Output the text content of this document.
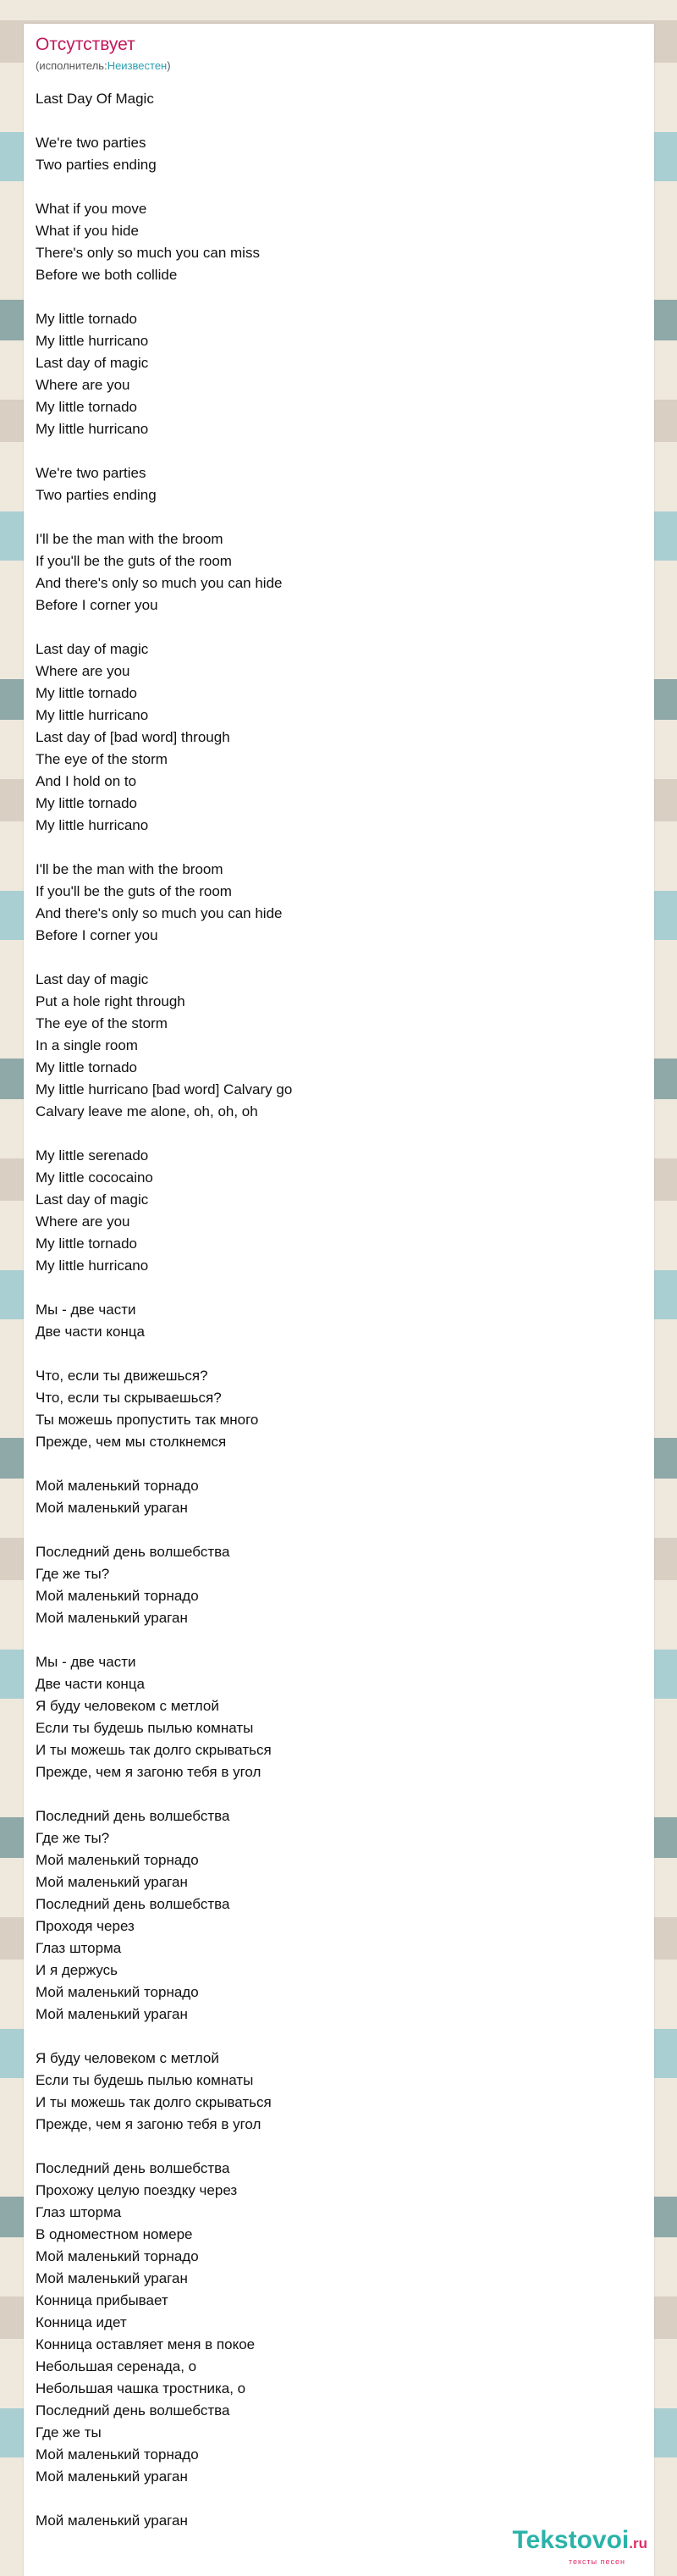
Отсутствует
(исполнитель:Неизвестен)
Last Day Of Magic
We're two parties
Two parties ending
What if you move
What if you hide
There's only so much you can miss
Before we both collide
My little tornado
My little hurricano
Last day of magic
Where are you
My little tornado
My little hurricano
We're two parties
Two parties ending
I'll be the man with the broom
If you'll be the guts of the room
And there's only so much you can hide
Before I corner you
Last day of magic
Where are you
My little tornado
My little hurricano
Last day of [bad word] through
The eye of the storm
And I hold on to
My little tornado
My little hurricano
I'll be the man with the broom
If you'll be the guts of the room
And there's only so much you can hide
Before I corner you
Last day of magic
Put a hole right through
The eye of the storm
In a single room
My little tornado
My little hurricano [bad word] Calvary go
Calvary leave me alone, oh, oh, oh
My little serenado
My little cococaino
Last day of magic
Where are you
My little tornado
My little hurricano
Мы - две части
Две части конца
Что, если ты движешься?
Что, если ты скрываешься?
Ты можешь пропустить так много
Прежде, чем мы столкнемся
Мой маленький торнадо
Мой маленький ураган
Последний день волшебства
Где же ты?
Мой маленький торнадо
Мой маленький ураган
Мы - две части
Две части конца
Я буду человеком с метлой
Если ты будешь пылью комнаты
И ты можешь так долго скрываться
Прежде, чем я загоню тебя в угол
Последний день волшебства
Где же ты?
Мой маленький торнадо
Мой маленький ураган
Последний день волшебства
Проходя через
Глаз шторма
И я держусь
Мой маленький торнадо
Мой маленький ураган
Я буду человеком с метлой
Если ты будешь пылью комнаты
И ты можешь так долго скрываться
Прежде, чем я загоню тебя в угол
Последний день волшебства
Прохожу целую поездку через
Глаз шторма
В одноместном номере
Мой маленький торнадо
Мой маленький ураган
Конница прибывает
Конница идет
Конница оставляет меня в покое
Небольшая серенада, о
Небольшая чашка тростника, о
Последний день волшебства
Где же ты
Мой маленький торнадо
Мой маленький ураган
Мой маленький ураган
Tekstovoi.ru
тексты песен
